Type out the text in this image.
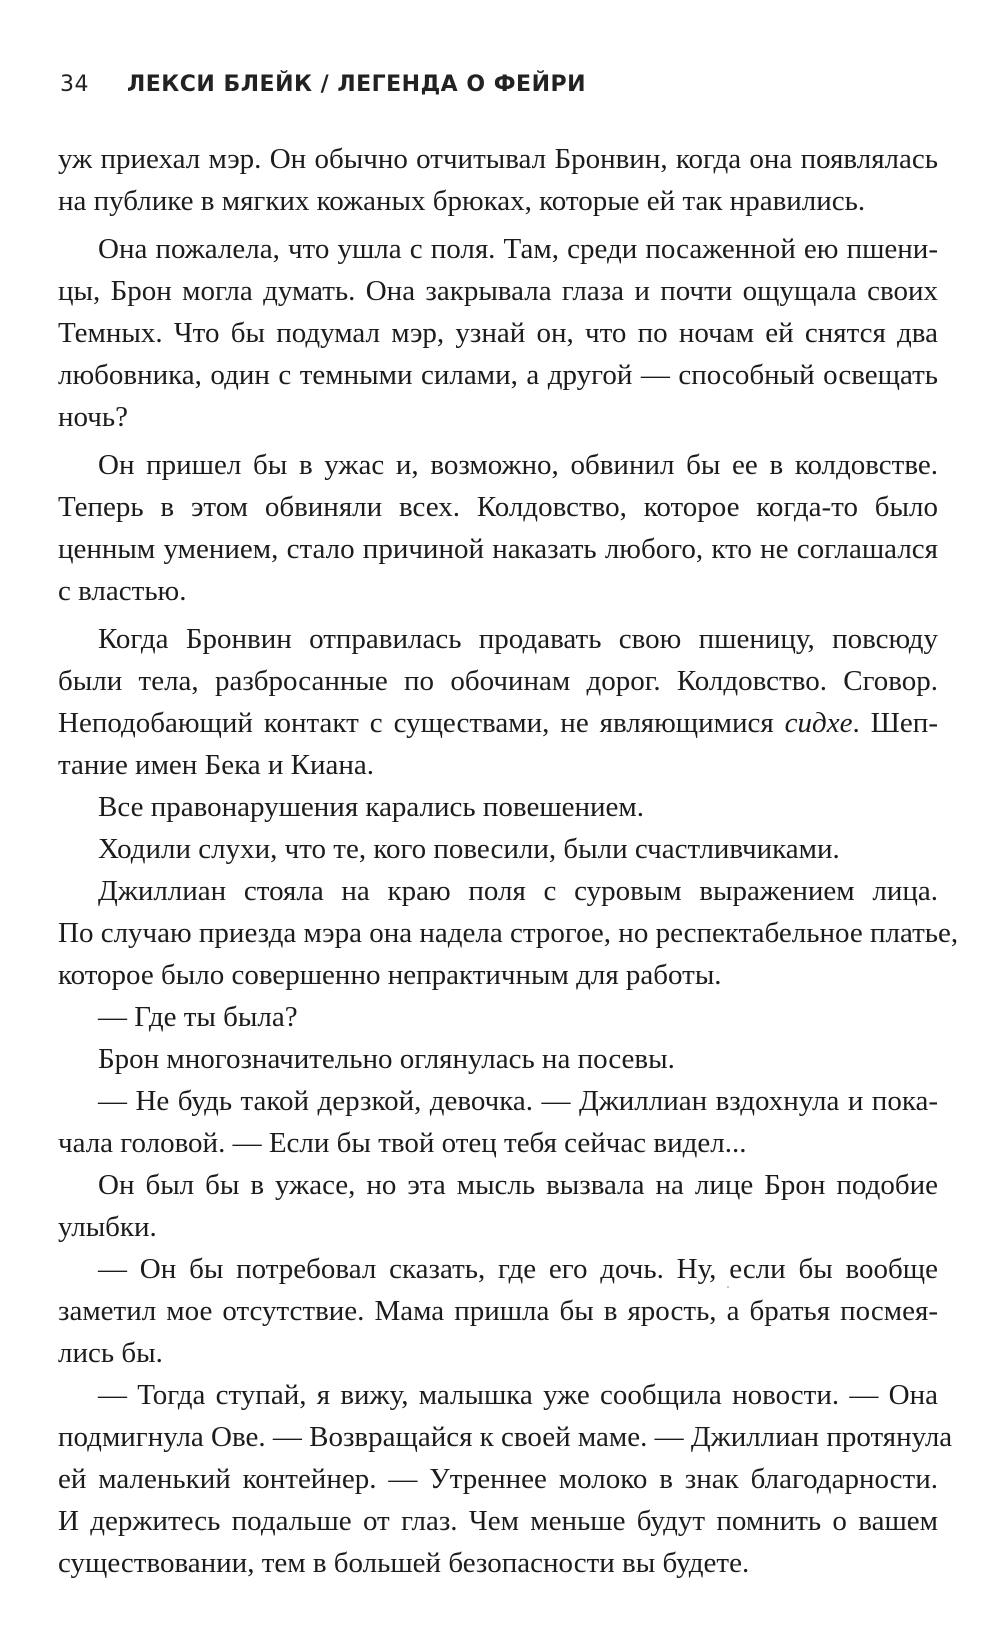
34 ЛЕКСИ БЛЕЙК / ЛЕГЕНДА О ФЕЙРИ
уж приехал мэр. Он обычно отчитывал Бронвин, когда она появлялась
на публике в мягких кожаных брюках, которые ей так нравились.
Она пожалела, что ушла с поля. Там, среди посаженной ею пшени-
цы, Брон могла думать. Она закрывала глаза и почти ощущала своих
Темных. Что бы подумал мэр, узнай он, что по ночам ей снятся два
любовника, один с темными силами, а другой — способный освещать
ночь?
Он пришел бы в ужас и, возможно, обвинил бы ее в колдовстве.
Теперь в этом обвиняли всех. Колдовство, которое когда-то было
ценным умением, стало причиной наказать любого, кто не соглашался
с властью.
Когда Бронвин отправилась продавать свою пшеницу, повсюду
были тела, разбросанные по обочинам дорог. Колдовство. Сговор.
Неподобающий контакт с существами, не являющимися сидхе. Шеп-
тание имен Бека и Киана.
Все правонарушения карались повешением.
Ходили слухи, что те, кого повесили, были счастливчиками.
Джиллиан стояла на краю поля с суровым выражением лица.
По случаю приезда мэра она надела строгое, но респектабельное платье,
которое было совершенно непрактичным для работы.
— Где ты была?
Брон многозначительно оглянулась на посевы.
— Не будь такой дерзкой, девочка. — Джиллиан вздохнула и пока-
чала головой. — Если бы твой отец тебя сейчас видел...
Он был бы в ужасе, но эта мысль вызвала на лице Брон подобие
улыбки.
— Он бы потребовал сказать, где его дочь. Ну, если бы вообще
заметил мое отсутствие. Мама пришла бы в ярость, а братья посмея-
лись бы.
— Тогда ступай, я вижу, малышка уже сообщила новости. — Она
подмигнула Ове. — Возвращайся к своей маме. — Джиллиан протянула
ей маленький контейнер. — Утреннее молоко в знак благодарности.
И держитесь подальше от глаз. Чем меньше будут помнить о вашем
существовании, тем в большей безопасности вы будете.
